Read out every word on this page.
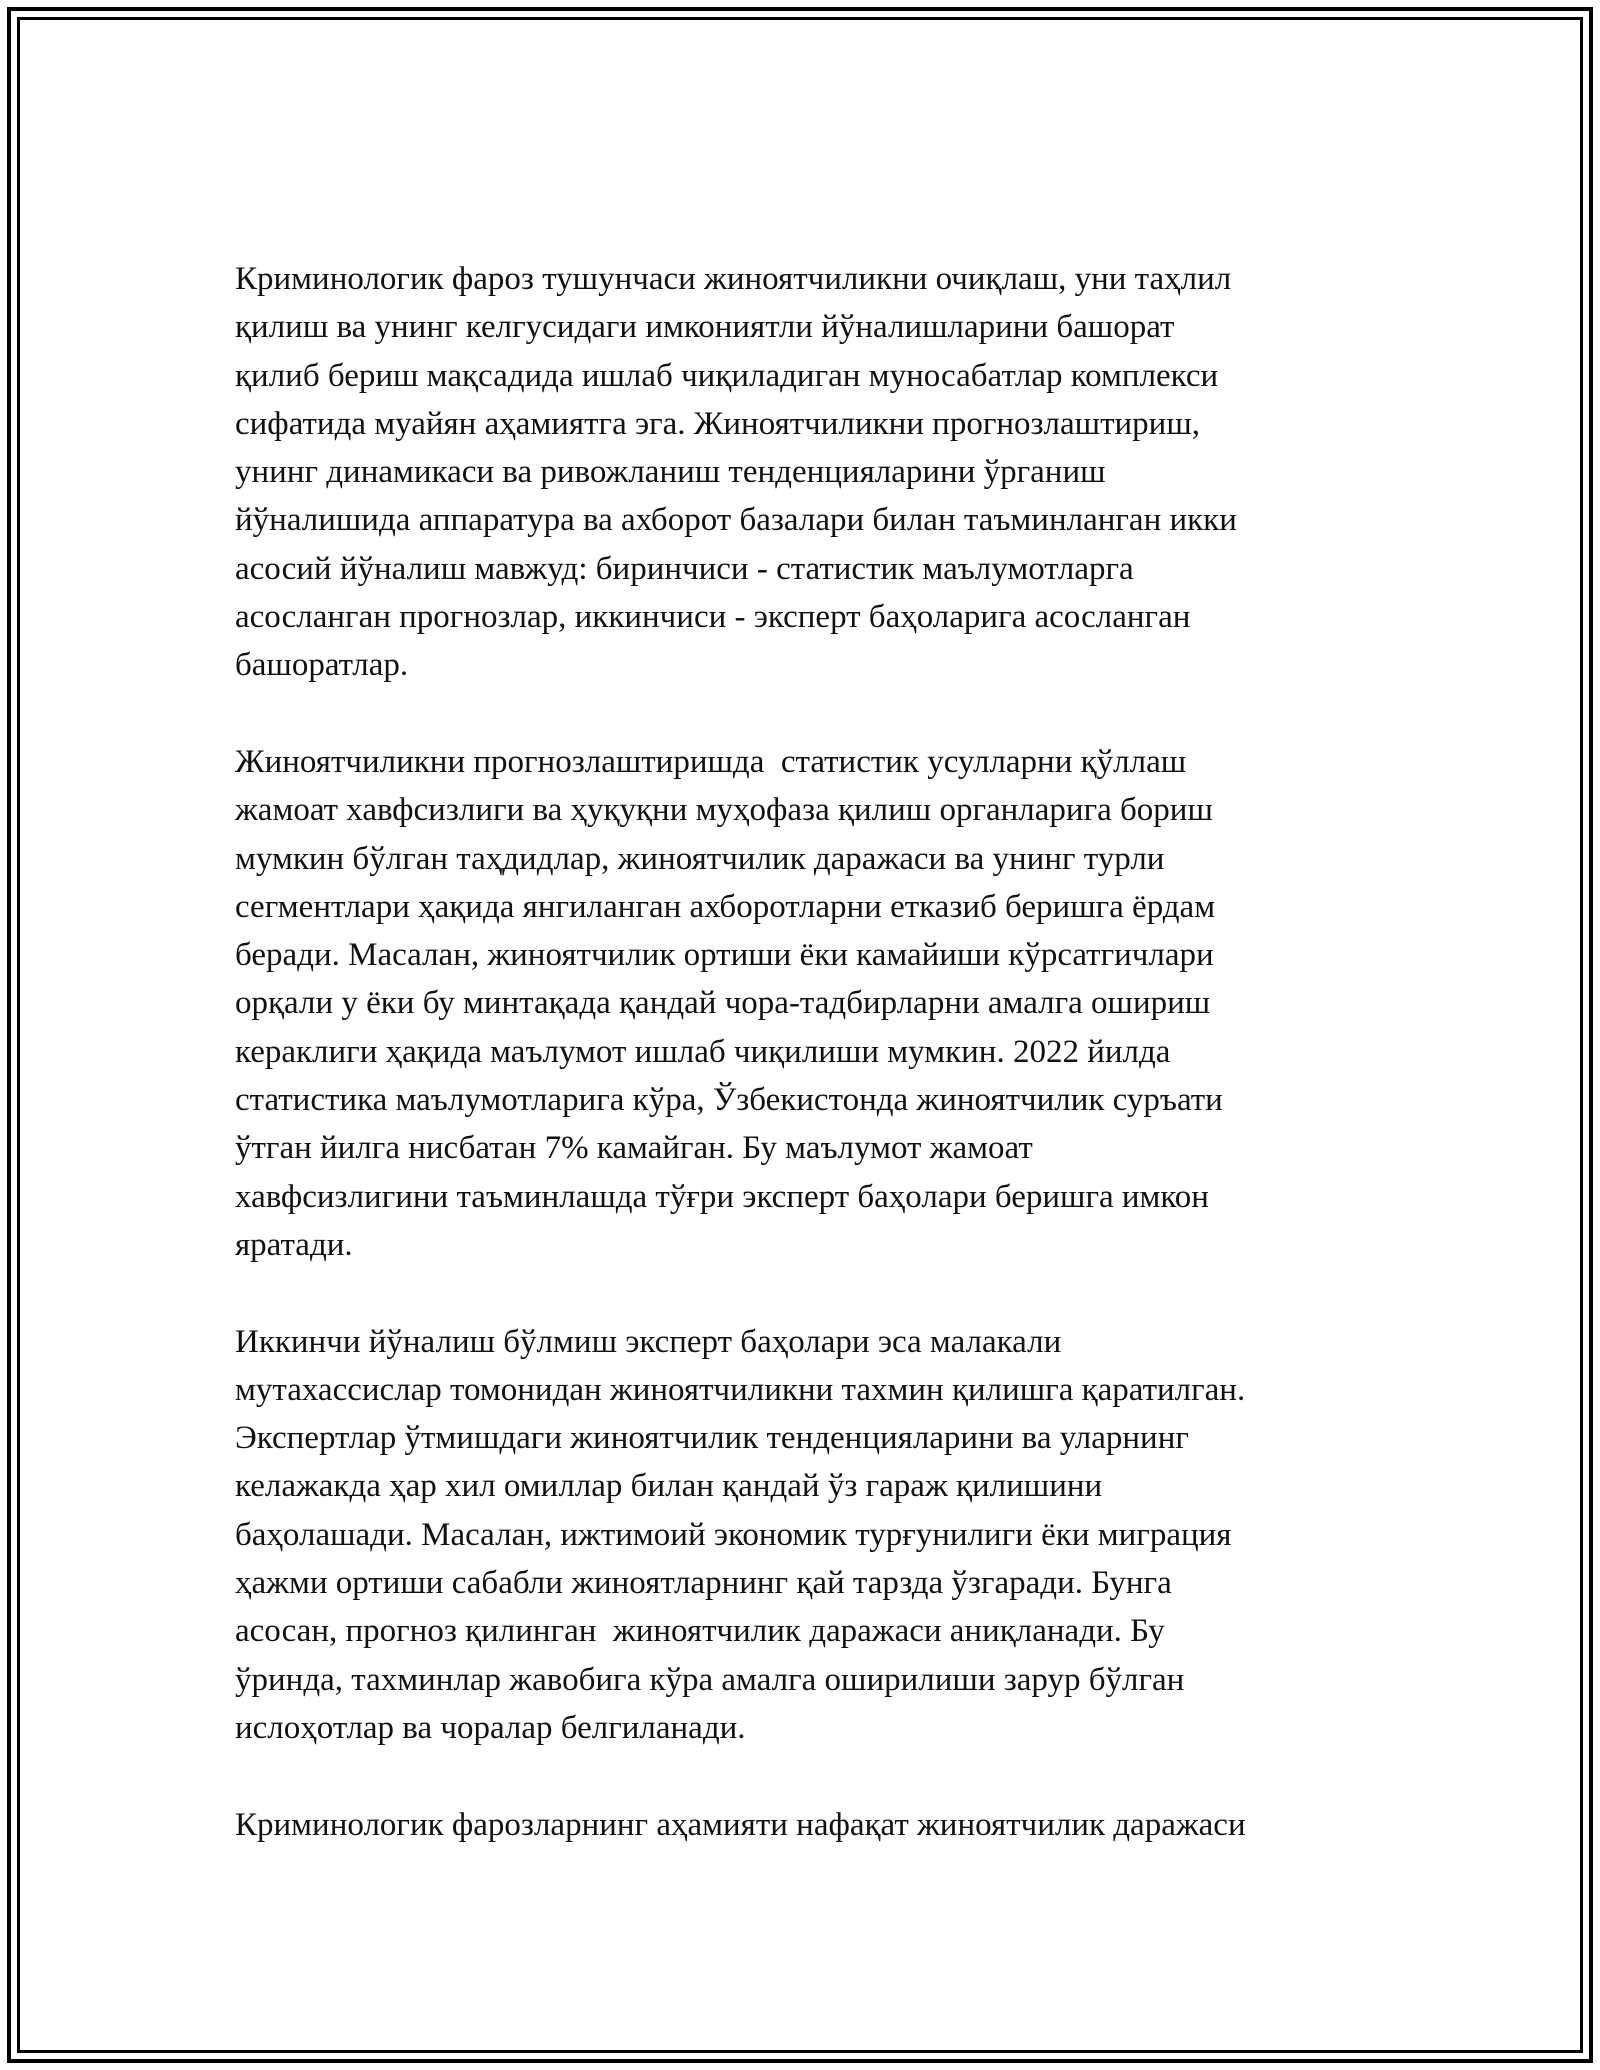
Криминологик фароз тушунчаси жиноятчиликни очиқлаш, уни таҳлил
қилиш ва унинг келгусидаги имкониятли йўналишларини башорат
қилиб бериш мақсадида ишлаб чиқиладиган муносабатлар комплекси
сифатида муайян аҳамиятга эга. Жиноятчиликни прогнозлаштириш,
унинг динамикаси ва ривожланиш тенденцияларини ўрганиш
йўналишида аппаратура ва ахборот базалари билан таъминланган икки
асосий йўналиш мавжуд: биринчиси - статистик маълумотларга
асосланган прогнозлар, иккинчиси - эксперт баҳоларига асосланган
башоратлар.
Жиноятчиликни прогнозлаштиришда  статистик усулларни қўллаш
жамоат хавфсизлиги ва ҳуқуқни муҳофаза қилиш органларига бориш
мумкин бўлган таҳдидлар, жиноятчилик даражаси ва унинг турли
сегментлари ҳақида янгиланган ахборотларни етказиб беришга ёрдам
беради. Масалан, жиноятчилик ортиши ёки камайиши кўрсатгичлари
орқали у ёки бу минтақада қандай чора-тадбирларни амалга ошириш
кераклиги ҳақида маълумот ишлаб чиқилиши мумкин. 2022 йилда
статистика маълумотларига кўра, Ўзбекистонда жиноятчилик суръати
ўтган йилга нисбатан 7% камайган. Бу маълумот жамоат
хавфсизлигини таъминлашда тўғри эксперт баҳолари беришга имкон
яратади.
Иккинчи йўналиш бўлмиш эксперт баҳолари эса малакали
мутахассислар томонидан жиноятчиликни тахмин қилишга қаратилган.
Экспертлар ўтмишдаги жиноятчилик тенденцияларини ва уларнинг
келажакда ҳар хил омиллар билан қандай ўз гараж қилишини
баҳолашади. Масалан, ижтимоий экономик турғунилиги ёки миграция
ҳажми ортиши сабабли жиноятларнинг қай тарзда ўзгаради. Бунга
асосан, прогноз қилинган  жиноятчилик даражаси аниқланади. Бу
ўринда, тахминлар жавобига кўра амалга оширилиши зарур бўлган
ислоҳотлар ва чоралар белгиланади.
Криминологик фарозларнинг аҳамияти нафақат жиноятчилик даражаси
